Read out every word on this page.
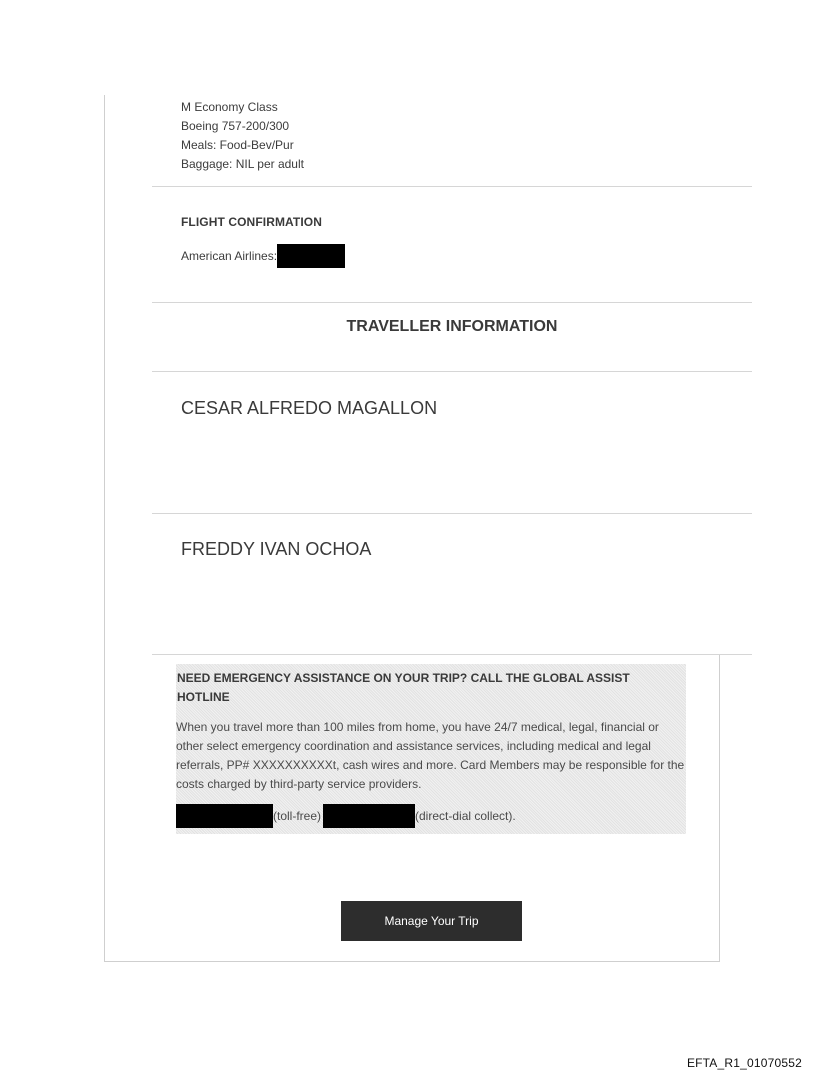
M Economy Class
Boeing 757-200/300
Meals: Food-Bev/Pur
Baggage: NIL per adult
FLIGHT CONFIRMATION
American Airlines:
TRAVELLER INFORMATION
CESAR ALFREDO MAGALLON
FREDDY IVAN OCHOA
NEED EMERGENCY ASSISTANCE ON YOUR TRIP? CALL THE GLOBAL ASSIST HOTLINE
When you travel more than 100 miles from home, you have 24/7 medical, legal, financial or other select emergency coordination and assistance services, including medical and legal referrals, PP# XXXXXXXXXXt, cash wires and more. Card Members may be responsible for the costs charged by third-party service providers.
(toll-free)	(direct-dial collect).
Manage Your Trip
EFTA_R1_01070552
